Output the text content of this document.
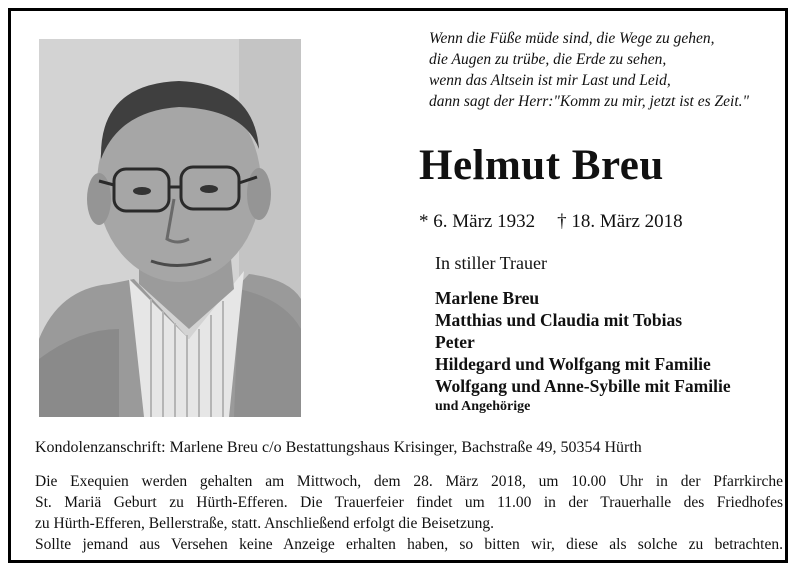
Wenn die Füße müde sind, die Wege zu gehen,
die Augen zu trübe, die Erde zu sehen,
wenn das Altsein ist mir Last und Leid,
dann sagt der Herr:"Komm zu mir, jetzt ist es Zeit."
Helmut Breu
* 6. März 1932 † 18. März 2018
In stiller Trauer
Marlene Breu
Matthias und Claudia mit Tobias
Peter
Hildegard und Wolfgang mit Familie
Wolfgang und Anne-Sybille mit Familie
und Angehörige
Kondolenzanschrift: Marlene Breu c/o Bestattungshaus Krisinger, Bachstraße 49, 50354 Hürth
Die Exequien werden gehalten am Mittwoch, dem 28. März 2018, um 10.00 Uhr in der Pfarrkirche
St. Mariä Geburt zu Hürth-Efferen. Die Trauerfeier findet um 11.00 in der Trauerhalle des Friedhofes
zu Hürth-Efferen, Bellerstraße, statt. Anschließend erfolgt die Beisetzung.
Sollte jemand aus Versehen keine Anzeige erhalten haben, so bitten wir, diese als solche zu betrachten.
